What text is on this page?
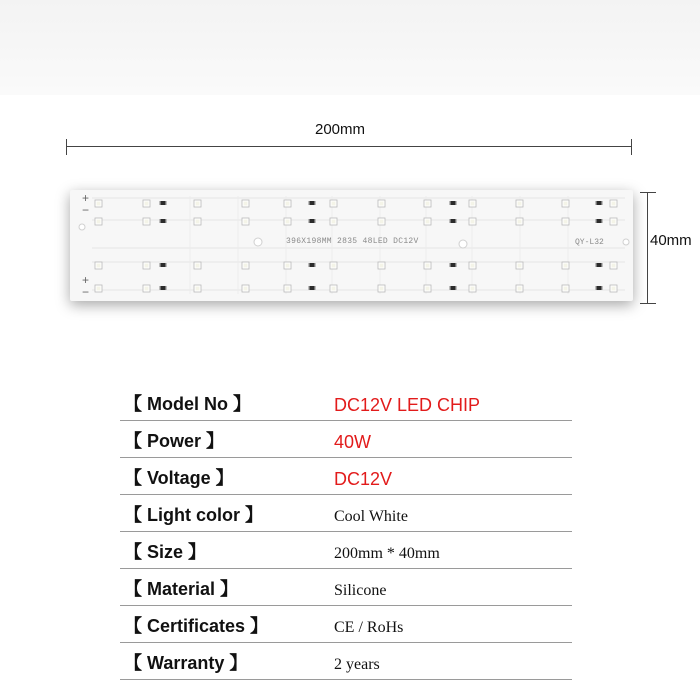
200mm
40mm
396X198MM 2835 48LED DC12V	QY-L32
+
−
+
−
【 Model No 】	DC12V LED CHIP
【 Power 】	40W
【 Voltage 】	DC12V
【 Light color 】	Cool White
【 Size 】	200mm * 40mm
【 Material 】	Silicone
【 Certificates 】	CE / RoHs
【 Warranty 】	2 years
